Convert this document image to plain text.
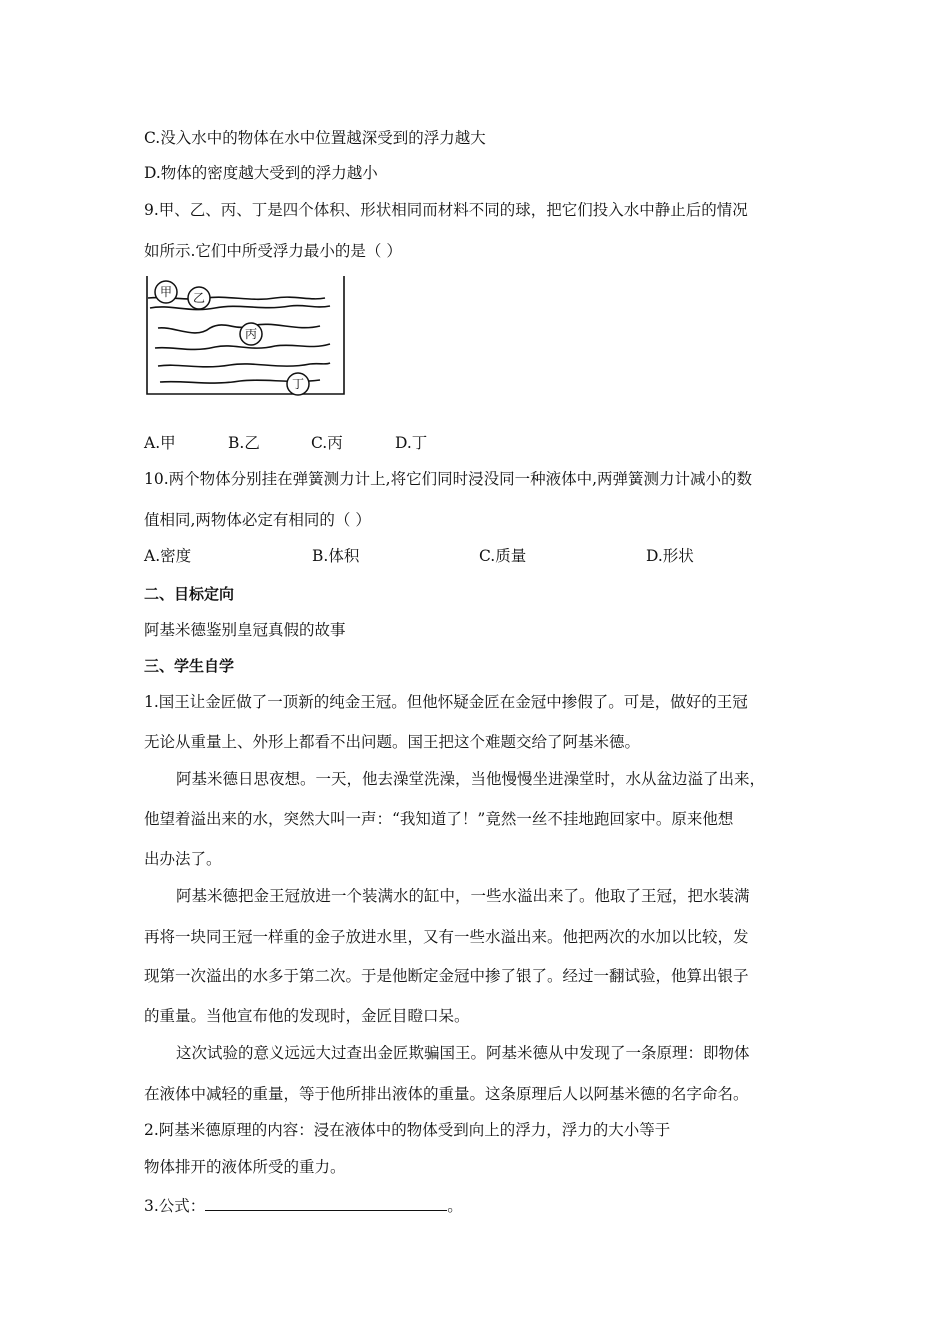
C.没入水中的物体在水中位置越深受到的浮力越大
D.物体的密度越大受到的浮力越小
9.甲、乙、丙、丁是四个体积、形状相同而材料不同的球，把它们投入水中静止后的情况
如所示.它们中所受浮力最小的是（ ）
甲 乙
丙
丁
A.甲	B.乙	C.丙	D.丁
10.两个物体分别挂在弹簧测力计上,将它们同时浸没同一种液体中,两弹簧测力计减小的数
值相同,两物体必定有相同的（ ）
A.密度	B.体积	C.质量	D.形状
二、目标定向
阿基米德鉴别皇冠真假的故事
三、学生自学
1.国王让金匠做了一顶新的纯金王冠。但他怀疑金匠在金冠中掺假了。可是，做好的王冠
无论从重量上、外形上都看不出问题。国王把这个难题交给了阿基米德。
阿基米德日思夜想。一天，他去澡堂洗澡，当他慢慢坐进澡堂时，水从盆边溢了出来，
他望着溢出来的水，突然大叫一声：“我知道了！”竟然一丝不挂地跑回家中。原来他想
出办法了。
阿基米德把金王冠放进一个装满水的缸中，一些水溢出来了。他取了王冠，把水装满
再将一块同王冠一样重的金子放进水里，又有一些水溢出来。他把两次的水加以比较，发
现第一次溢出的水多于第二次。于是他断定金冠中掺了银了。经过一翻试验，他算出银子
的重量。当他宣布他的发现时，金匠目瞪口呆。
这次试验的意义远远大过查出金匠欺骗国王。阿基米德从中发现了一条原理：即物体
在液体中减轻的重量，等于他所排出液体的重量。这条原理后人以阿基米德的名字命名。
2.阿基米德原理的内容：浸在液体中的物体受到向上的浮力，浮力的大小等于
物体排开的液体所受的重力。
3.公式：	。
